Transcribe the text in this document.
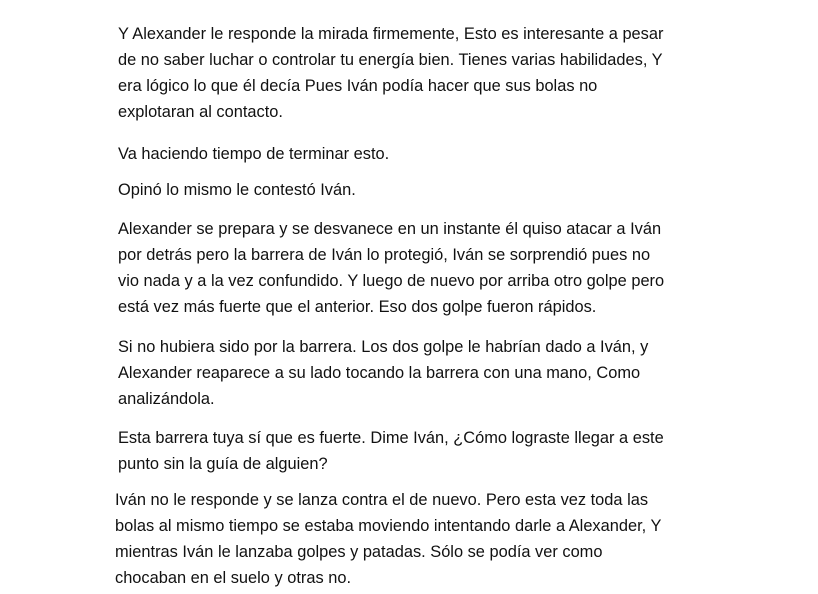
Y Alexander le responde la mirada firmemente, Esto es interesante a pesar
de no saber luchar o controlar tu energía bien. Tienes varias habilidades, Y
era lógico lo que él decía Pues Iván podía hacer que sus bolas no
explotaran al contacto.

Va haciendo tiempo de terminar esto.

Opinó lo mismo le contestó Iván.

Alexander se prepara y se desvanece en un instante él quiso atacar a Iván
por detrás pero la barrera de Iván lo protegió, Iván se sorprendió pues no
vio nada y a la vez confundido. Y luego de nuevo por arriba otro golpe pero
está vez más fuerte que el anterior. Eso dos golpe fueron rápidos.

Si no hubiera sido por la barrera. Los dos golpe le habrían dado a Iván, y
Alexander reaparece a su lado tocando la barrera con una mano, Como
analizándola.

Esta barrera tuya sí que es fuerte. Dime Iván, ¿Cómo lograste llegar a este
punto sin la guía de alguien?

Iván no le responde y se lanza contra el de nuevo. Pero esta vez toda las
bolas al mismo tiempo se estaba moviendo intentando darle a Alexander, Y
mientras Iván le lanzaba golpes y patadas. Sólo se podía ver como
chocaban en el suelo y otras no.
